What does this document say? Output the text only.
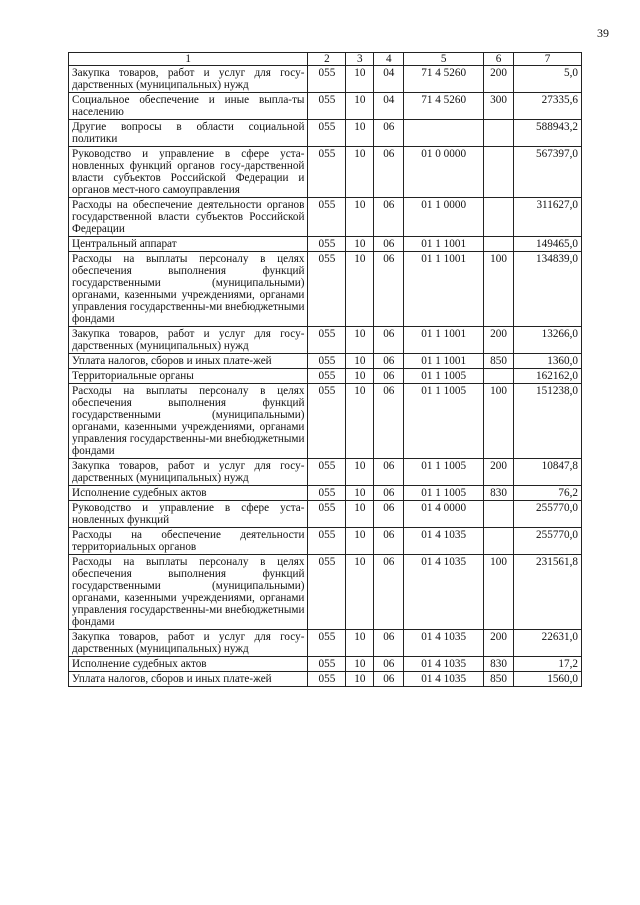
39
1	2	3	4	5	6	7
Закупка товаров, работ и услуг для госу-дарственных (муниципальных) нужд	055	10	04	71 4 5260	200	5,0
Социальное обеспечение и иные выпла-ты населению	055	10	04	71 4 5260	300	27335,6
Другие вопросы в области социальной политики	055	10	06			588943,2
Руководство и управление в сфере уста-новленных функций органов госу-дарственной власти субъектов Российской Федерации и органов мест-ного самоуправления	055	10	06	01 0 0000		567397,0
Расходы на обеспечение деятельности органов государственной власти субъектов Российской Федерации	055	10	06	01 1 0000		311627,0
Центральный аппарат	055	10	06	01 1 1001		149465,0
Расходы на выплаты персоналу в целях обеспечения выполнения функций государственными (муниципальными) органами, казенными учреждениями, органами управления государственны-ми внебюджетными фондами	055	10	06	01 1 1001	100	134839,0
Закупка товаров, работ и услуг для госу-дарственных (муниципальных) нужд	055	10	06	01 1 1001	200	13266,0
Уплата налогов, сборов и иных плате-жей	055	10	06	01 1 1001	850	1360,0
Территориальные органы	055	10	06	01 1 1005		162162,0
Расходы на выплаты персоналу в целях обеспечения выполнения функций государственными (муниципальными) органами, казенными учреждениями, органами управления государственны-ми внебюджетными фондами	055	10	06	01 1 1005	100	151238,0
Закупка товаров, работ и услуг для госу-дарственных (муниципальных) нужд	055	10	06	01 1 1005	200	10847,8
Исполнение судебных актов	055	10	06	01 1 1005	830	76,2
Руководство и управление в сфере уста-новленных функций	055	10	06	01 4 0000		255770,0
Расходы на обеспечение деятельности территориальных органов	055	10	06	01 4 1035		255770,0
Расходы на выплаты персоналу в целях обеспечения выполнения функций государственными (муниципальными) органами, казенными учреждениями, органами управления государственны-ми внебюджетными фондами	055	10	06	01 4 1035	100	231561,8
Закупка товаров, работ и услуг для госу-дарственных (муниципальных) нужд	055	10	06	01 4 1035	200	22631,0
Исполнение судебных актов	055	10	06	01 4 1035	830	17,2
Уплата налогов, сборов и иных плате-жей	055	10	06	01 4 1035	850	1560,0
